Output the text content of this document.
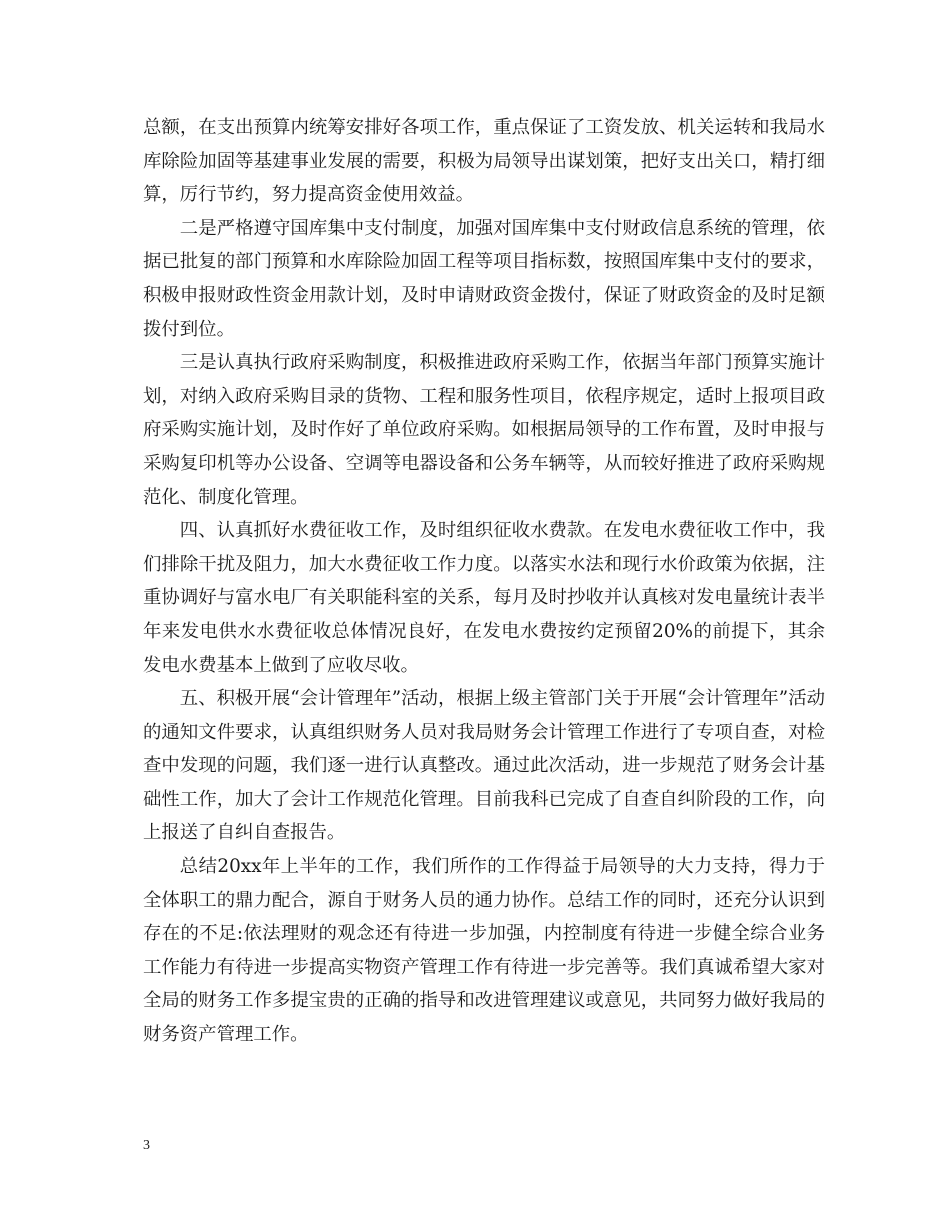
总额，在支出预算内统筹安排好各项工作，重点保证了工资发放、机关运转和我局水库除险加固等基建事业发展的需要，积极为局领导出谋划策，把好支出关口，精打细算，厉行节约，努力提高资金使用效益。

二是严格遵守国库集中支付制度，加强对国库集中支付财政信息系统的管理，依据已批复的部门预算和水库除险加固工程等项目指标数，按照国库集中支付的要求，积极申报财政性资金用款计划，及时申请财政资金拨付，保证了财政资金的及时足额拨付到位。

三是认真执行政府采购制度，积极推进政府采购工作，依据当年部门预算实施计划，对纳入政府采购目录的货物、工程和服务性项目，依程序规定，适时上报项目政府采购实施计划，及时作好了单位政府采购。如根据局领导的工作布置，及时申报与采购复印机等办公设备、空调等电器设备和公务车辆等，从而较好推进了政府采购规范化、制度化管理。

四、认真抓好水费征收工作，及时组织征收水费款。在发电水费征收工作中，我们排除干扰及阻力，加大水费征收工作力度。以落实水法和现行水价政策为依据，注重协调好与富水电厂有关职能科室的关系，每月及时抄收并认真核对发电量统计表半年来发电供水水费征收总体情况良好，在发电水费按约定预留20%的前提下，其余发电水费基本上做到了应收尽收。

五、积极开展“会计管理年”活动，根据上级主管部门关于开展“会计管理年”活动的通知文件要求，认真组织财务人员对我局财务会计管理工作进行了专项自查，对检查中发现的问题，我们逐一进行认真整改。通过此次活动，进一步规范了财务会计基础性工作，加大了会计工作规范化管理。目前我科已完成了自查自纠阶段的工作，向上报送了自纠自查报告。

总结20xx年上半年的工作，我们所作的工作得益于局领导的大力支持，得力于全体职工的鼎力配合，源自于财务人员的通力协作。总结工作的同时，还充分认识到存在的不足:依法理财的观念还有待进一步加强，内控制度有待进一步健全综合业务工作能力有待进一步提高实物资产管理工作有待进一步完善等。我们真诚希望大家对全局的财务工作多提宝贵的正确的指导和改进管理建议或意见，共同努力做好我局的财务资产管理工作。

3
